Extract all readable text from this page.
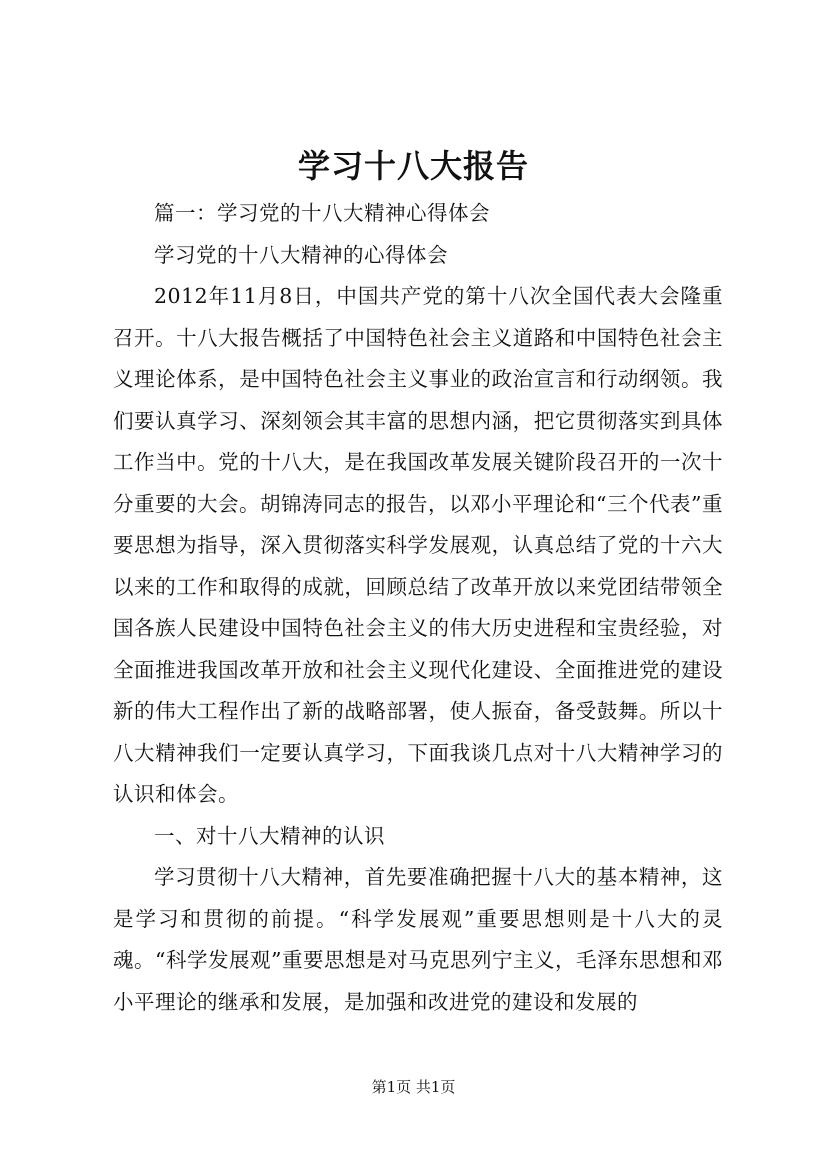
学习十八大报告

篇一：学习党的十八大精神心得体会

学习党的十八大精神的心得体会

2012年11月8日，中国共产党的第十八次全国代表大会隆重召开。十八大报告概括了中国特色社会主义道路和中国特色社会主义理论体系，是中国特色社会主义事业的政治宣言和行动纲领。我们要认真学习、深刻领会其丰富的思想内涵，把它贯彻落实到具体工作当中。党的十八大，是在我国改革发展关键阶段召开的一次十分重要的大会。胡锦涛同志的报告，以邓小平理论和“三个代表”重要思想为指导，深入贯彻落实科学发展观，认真总结了党的十六大以来的工作和取得的成就，回顾总结了改革开放以来党团结带领全国各族人民建设中国特色社会主义的伟大历史进程和宝贵经验，对全面推进我国改革开放和社会主义现代化建设、全面推进党的建设新的伟大工程作出了新的战略部署，使人振奋，备受鼓舞。所以十八大精神我们一定要认真学习，下面我谈几点对十八大精神学习的认识和体会。

一、对十八大精神的认识

学习贯彻十八大精神，首先要准确把握十八大的基本精神，这是学习和贯彻的前提。“科学发展观”重要思想则是十八大的灵魂。“科学发展观”重要思想是对马克思列宁主义，毛泽东思想和邓小平理论的继承和发展，是加强和改进党的建设和发展的

第1页 共1页
